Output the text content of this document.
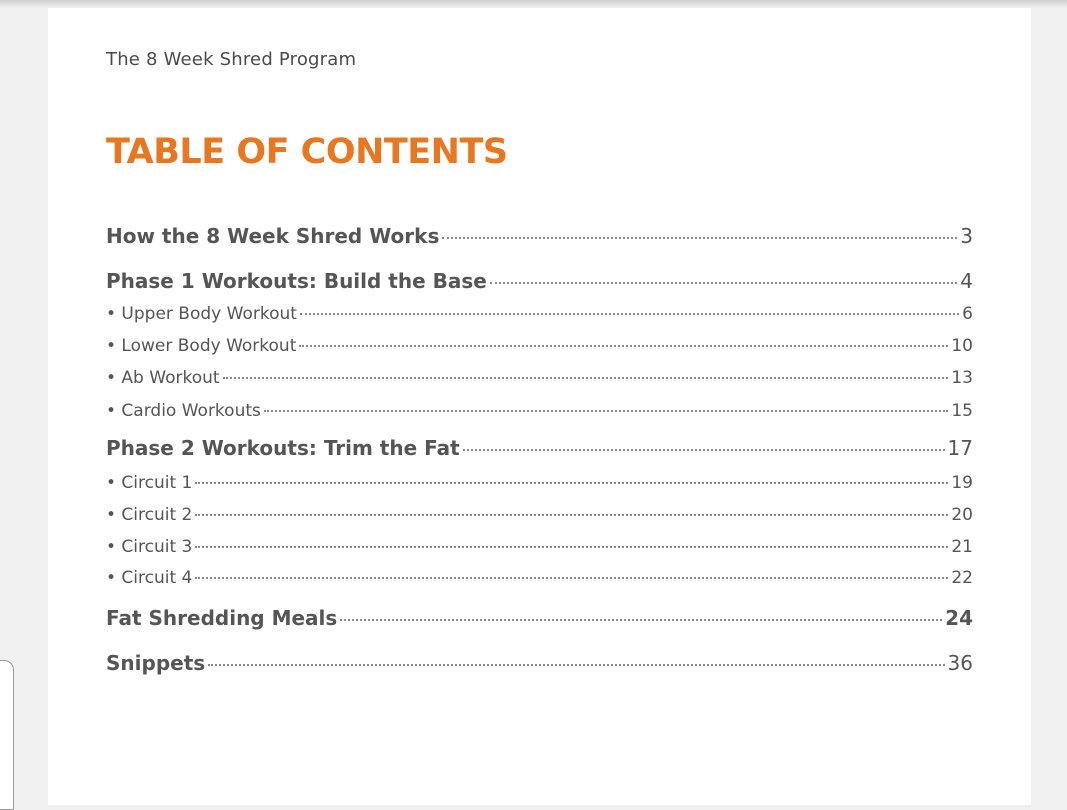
The 8 Week Shred Program
TABLE OF CONTENTS
How the 8 Week Shred Works	3
Phase 1 Workouts: Build the Base	4
• Upper Body Workout	6
• Lower Body Workout	10
• Ab Workout	13
• Cardio Workouts	15
Phase 2 Workouts: Trim the Fat	17
• Circuit 1	19
• Circuit 2	20
• Circuit 3	21
• Circuit 4	22
Fat Shredding Meals	24
Snippets	36
